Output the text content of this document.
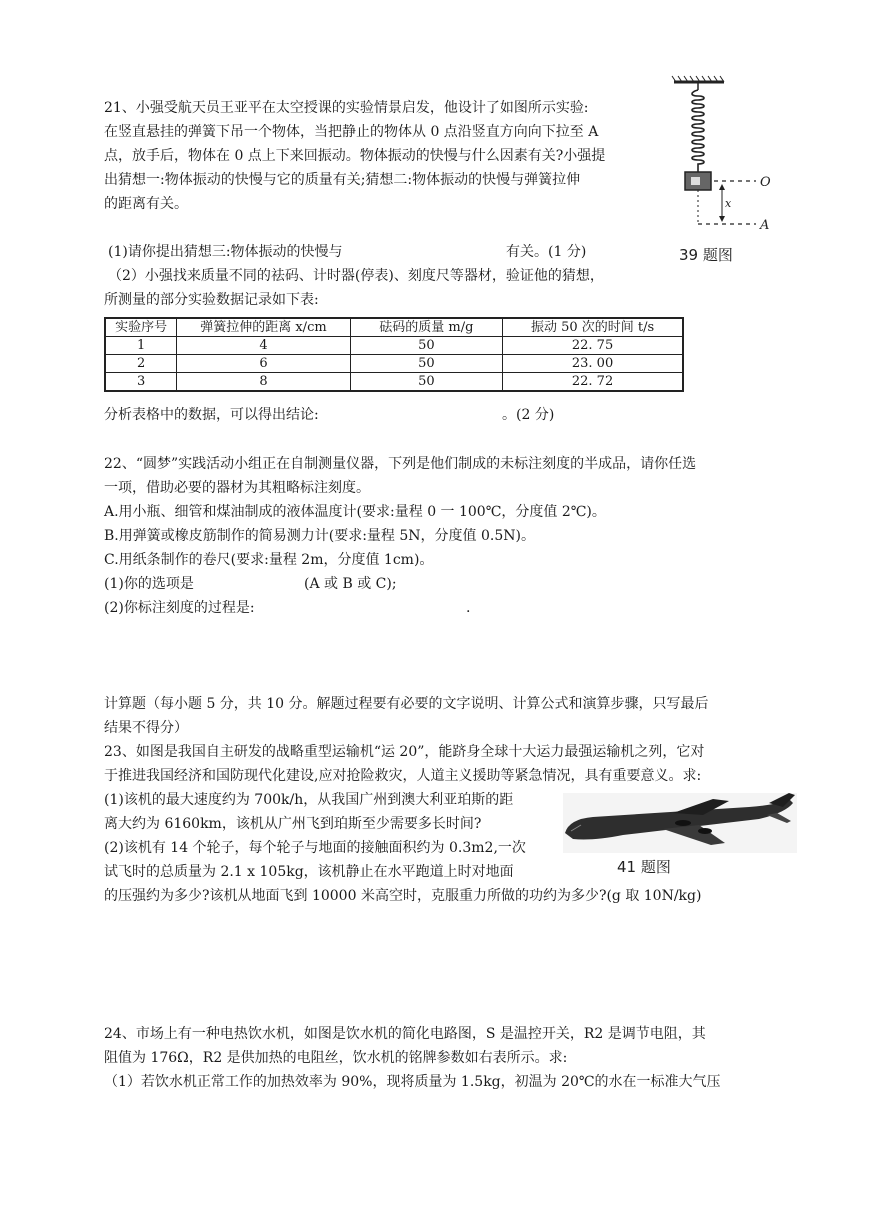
21、小强受航天员王亚平在太空授课的实验情景启发，他设计了如图所示实验:
在竖直悬挂的弹簧下吊一个物体，当把静止的物体从 0 点沿竖直方向向下拉至 A
点，放手后，物体在 0 点上下来回振动。物体振动的快慢与什么因素有关?小强提
出猜想一:物体振动的快慢与它的质量有关;猜想二:物体振动的快慢与弹簧拉伸
的距离有关。
(1)请你提出猜想三:物体振动的快慢与	有关。(1 分)
（2）小强找来质量不同的祛码、计时器(停表)、刻度尺等器材，验证他的猜想，
所测量的部分实验数据记录如下表:
O
x
A
39 题图
实验序号	弹簧拉伸的距离 x/cm	砝码的质量 m/g	振动 50 次的时间 t/s
1	4	50	22. 75
2	6	50	23. 00
3	8	50	22. 72
分析表格中的数据，可以得出结论:	。(2 分)
22、“圆梦”实践活动小组正在自制测量仪器，下列是他们制成的未标注刻度的半成品，请你任选
一项，借助必要的器材为其粗略标注刻度。
A.用小瓶、细管和煤油制成的液体温度计(要求:量程 0 一 100℃，分度值 2℃)。
B.用弹簧或橡皮筋制作的简易测力计(要求:量程 5N，分度值 0.5N)。
C.用纸条制作的卷尺(要求:量程 2m，分度值 1cm)。
(1)你的选项是	(A 或 B 或 C);
(2)你标注刻度的过程是:	.
计算题（每小题 5 分，共 10 分。解题过程要有必要的文字说明、计算公式和演算步骤，只写最后
结果不得分）
23、如图是我国自主研发的战略重型运输机“运 20”，能跻身全球十大运力最强运输机之列，它对
于推进我国经济和国防现代化建设,应对抢险救灾，人道主义援助等紧急情况，具有重要意义。求:
(1)该机的最大速度约为 700k/h，从我国广州到澳大利亚珀斯的距
离大约为 6160km，该机从广州飞到珀斯至少需要多长时间?
(2)该机有 14 个轮子，每个轮子与地面的接触面积约为 0.3m2,一次
试飞时的总质量为 2.1 x 105kg，该机静止在水平跑道上时对地面
的压强约为多少?该机从地面飞到 10000 米高空时，克服重力所做的功约为多少?(g 取 10N/kg)
41 题图
24、市场上有一种电热饮水机，如图是饮水机的简化电路图，S 是温控开关，R2 是调节电阻，其
阻值为 176Ω，R2 是供加热的电阻丝，饮水机的铭牌参数如右表所示。求:
（1）若饮水机正常工作的加热效率为 90%，现将质量为 1.5kg，初温为 20℃的水在一标准大气压
